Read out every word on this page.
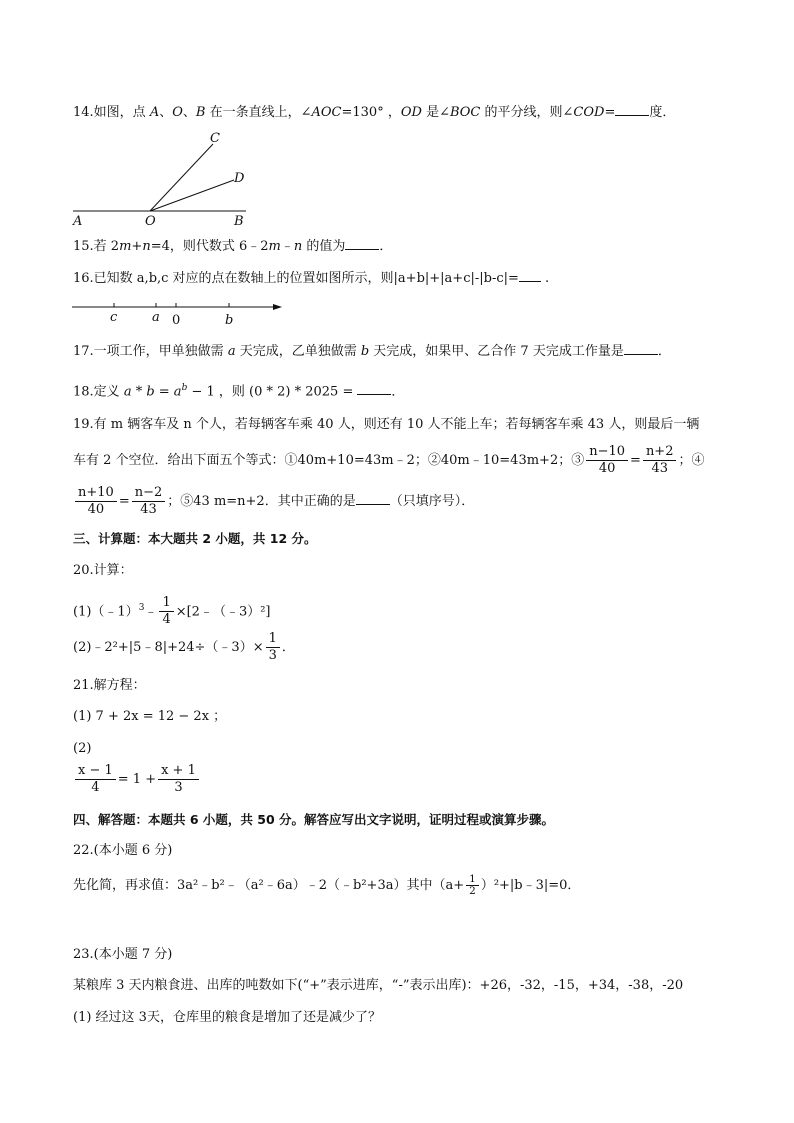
14.如图，点 A、O、B 在一条直线上，∠AOC=130° ，OD 是∠BOC 的平分线，则∠COD=	度．
A	O	B
C
D
15.若 2m+n=4，则代数式 6﹣2m﹣n 的值为	．
16.已知数 a,b,c 对应的点在数轴上的位置如图所示，则|a+b|+|a+c|-|b-c|= .
c	a 0	b
17.一项工作，甲单独做需 a 天完成，乙单独做需 b 天完成，如果甲、乙合作 7 天完成工作量是	．
18.定义 $a * b = a^b - 1$ ，则 (0 * 2) * 2025 =	．
19.有 m 辆客车及 n 个人，若每辆客车乘 40 人，则还有 10 人不能上车；若每辆客车乘 43 人，则最后一辆
车有 2 个空位．给出下面五个等式：①40m+10=43m﹣2；②40m﹣10=43m+2；③ $\frac{n-10}{40} = \frac{n+2}{43}$ ；④
$\frac{n+10}{40} = \frac{n-2}{43}$ ；⑤43 m=n+2．其中正确的是	（只填序号）．
三、计算题：本大题共 2 小题，共 12 分。
20.计算：
(1)（﹣1）$^3$﹣ $\frac{1}{4}$ ×[2﹣（﹣3）²]
(2)﹣2²+|5﹣8|+24÷（﹣3）× $\frac{1}{3}$ ．
21.解方程：
(1) 7 + 2x = 12 − 2x ；
(2)
$\frac{x - 1}{4} = 1 + \frac{x + 1}{3}$
四、解答题：本题共 6 小题，共 50 分。解答应写出文字说明，证明过程或演算步骤。
22.(本小题 6 分)
先化简，再求值：3a²﹣b²﹣（a²﹣6a）﹣2（﹣b²+3a）其中（$a+ \frac{1}{2}$ ）²+|b﹣3|=0．
23.(本小题 7 分)
某粮库 3 天内粮食进、出库的吨数如下(“+”表示进库，“-”表示出库)：+26，-32，-15，+34，-38，-20
(1) 经过这 3天，仓库里的粮食是增加了还是减少了？
